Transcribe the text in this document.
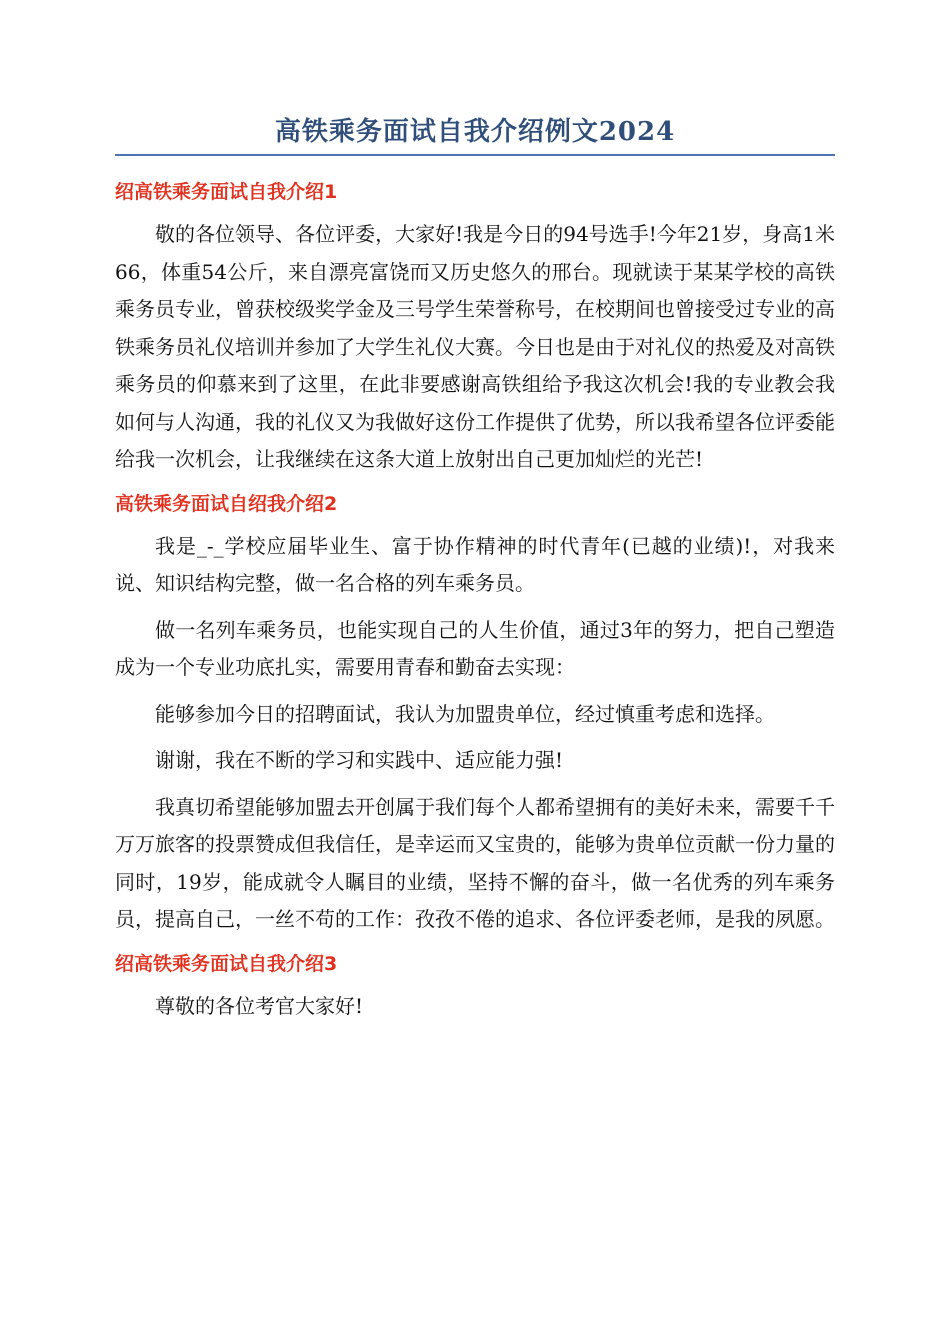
高铁乘务面试自我介绍例文2024
绍高铁乘务面试自我介绍1

敬的各位领导、各位评委，大家好!我是今日的94号选手!今年21岁，身高1米66，体重54公斤，来自漂亮富饶而又历史悠久的邢台。现就读于某某学校的高铁乘务员专业，曾获校级奖学金及三号学生荣誉称号，在校期间也曾接受过专业的高铁乘务员礼仪培训并参加了大学生礼仪大赛。今日也是由于对礼仪的热爱及对高铁乘务员的仰慕来到了这里，在此非要感谢高铁组给予我这次机会!我的专业教会我如何与人沟通，我的礼仪又为我做好这份工作提供了优势，所以我希望各位评委能给我一次机会，让我继续在这条大道上放射出自己更加灿烂的光芒!

高铁乘务面试自绍我介绍2

我是_-_学校应届毕业生、富于协作精神的时代青年(已越的业绩)!，对我来说、知识结构完整，做一名合格的列车乘务员。

做一名列车乘务员，也能实现自己的人生价值，通过3年的努力，把自己塑造成为一个专业功底扎实，需要用青春和勤奋去实现：

能够参加今日的招聘面试，我认为加盟贵单位，经过慎重考虑和选择。

谢谢，我在不断的学习和实践中、适应能力强!

我真切希望能够加盟去开创属于我们每个人都希望拥有的美好未来，需要千千万万旅客的投票赞成但我信任，是幸运而又宝贵的，能够为贵单位贡献一份力量的同时，19岁，能成就令人瞩目的业绩，坚持不懈的奋斗，做一名优秀的列车乘务员，提高自己，一丝不苟的工作：孜孜不倦的追求、各位评委老师，是我的夙愿。

绍高铁乘务面试自我介绍3

尊敬的各位考官大家好!
